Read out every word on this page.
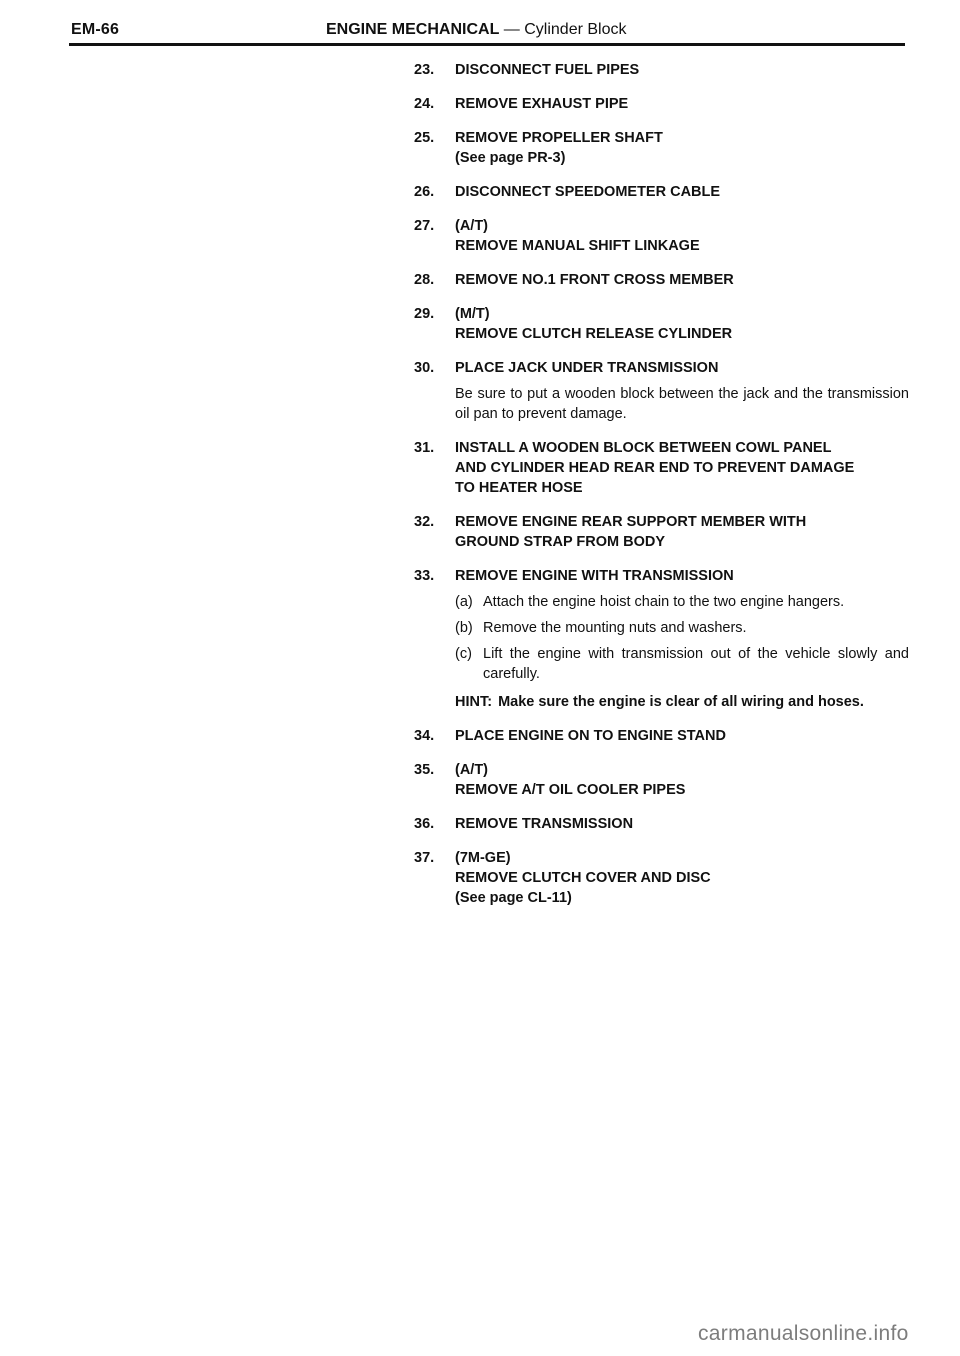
EM-66	ENGINE MECHANICAL — Cylinder Block
23. DISCONNECT FUEL PIPES
24. REMOVE EXHAUST PIPE
25. REMOVE PROPELLER SHAFT
(See page PR-3)
26. DISCONNECT SPEEDOMETER CABLE
27. (A/T)
REMOVE MANUAL SHIFT LINKAGE
28. REMOVE NO.1 FRONT CROSS MEMBER
29. (M/T)
REMOVE CLUTCH RELEASE CYLINDER
30. PLACE JACK UNDER TRANSMISSION
Be sure to put a wooden block between the jack and the transmission oil pan to prevent damage.
31. INSTALL A WOODEN BLOCK BETWEEN COWL PANEL
AND CYLINDER HEAD REAR END TO PREVENT DAMAGE
TO HEATER HOSE
32. REMOVE ENGINE REAR SUPPORT MEMBER WITH
GROUND STRAP FROM BODY
33. REMOVE ENGINE WITH TRANSMISSION
(a) Attach the engine hoist chain to the two engine hangers.
(b) Remove the mounting nuts and washers.
(c) Lift the engine with transmission out of the vehicle slowly and carefully.
HINT: Make sure the engine is clear of all wiring and hoses.
34. PLACE ENGINE ON TO ENGINE STAND
35. (A/T)
REMOVE A/T OIL COOLER PIPES
36. REMOVE TRANSMISSION
37. (7M-GE)
REMOVE CLUTCH COVER AND DISC
(See page CL-11)
carmanualsonline.info
